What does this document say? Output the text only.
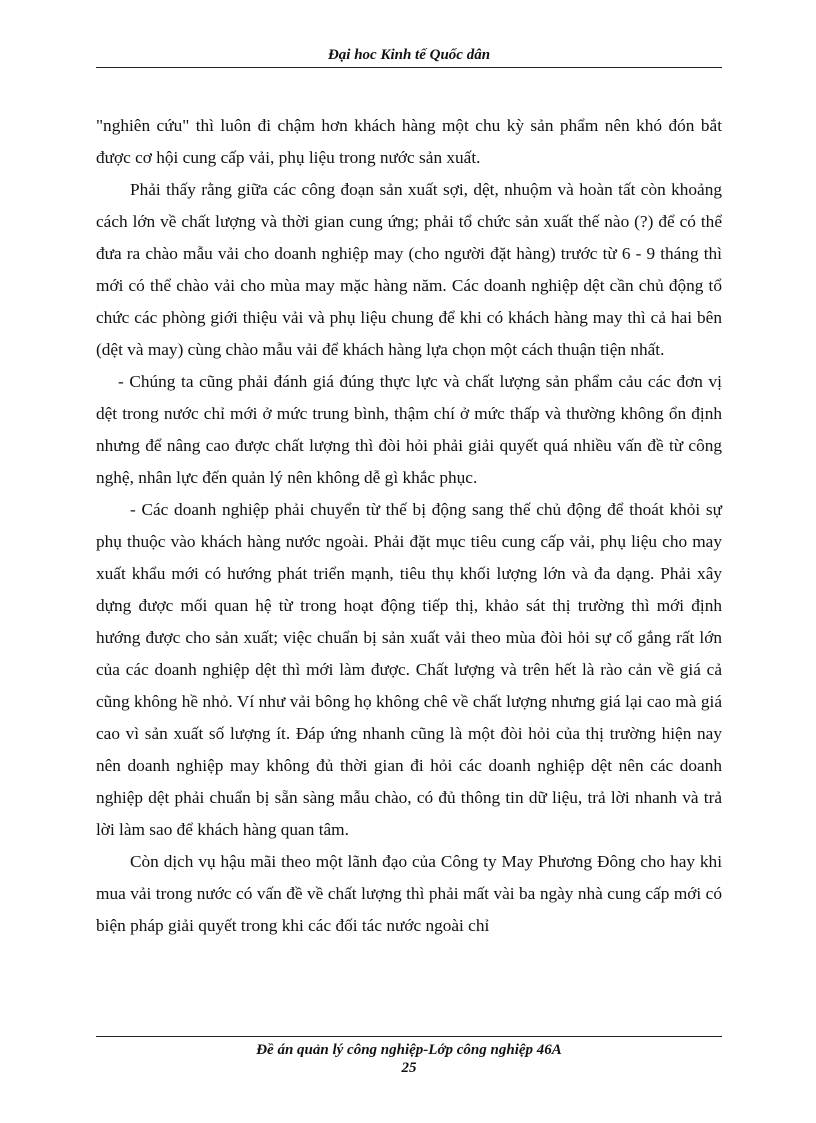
Đại hoc Kinh tế Quốc dân

"nghiên cứu" thì luôn đi chậm hơn khách hàng một chu kỳ sản phẩm nên khó đón bắt được cơ hội cung cấp vải, phụ liệu trong nước sản xuất.

Phải thấy rằng giữa các công đoạn sản xuất sợi, dệt, nhuộm và hoàn tất còn khoảng cách lớn về chất lượng và thời gian cung ứng; phải tổ chức sản xuất thế nào (?) để có thể đưa ra chào mẫu vải cho doanh nghiệp may (cho người đặt hàng) trước từ 6 - 9 tháng thì mới có thể chào vải cho mùa may mặc hàng năm. Các doanh nghiệp dệt cần chủ động tổ chức các phòng giới thiệu vải và phụ liệu chung để khi có khách hàng may thì cả hai bên (dệt và may) cùng chào mẫu vải để khách hàng lựa chọn một cách thuận tiện nhất.

- Chúng ta cũng phải đánh giá đúng thực lực và chất lượng sản phẩm cảu các đơn vị dệt trong nước chỉ mới ở mức trung bình, thậm chí ở mức thấp và thường không ổn định nhưng để nâng cao được chất lượng thì đòi hỏi phải giải quyết quá nhiều vấn đề từ công nghệ, nhân lực đến quản lý nên không dễ gì khắc phục.

- Các doanh nghiệp phải chuyển từ thế bị động sang thế chủ động để thoát khỏi sự phụ thuộc vào khách hàng nước ngoài. Phải đặt mục tiêu cung cấp vải, phụ liệu cho may xuất khẩu mới có hướng phát triển mạnh, tiêu thụ khối lượng lớn và đa dạng. Phải xây dựng được mối quan hệ từ trong hoạt động tiếp thị, khảo sát thị trường thì mới định hướng được cho sản xuất; việc chuẩn bị sản xuất vải theo mùa đòi hỏi sự cố gắng rất lớn của các doanh nghiệp dệt thì mới làm được. Chất lượng và trên hết là rào cản về giá cả cũng không hề nhỏ. Ví như vải bông họ không chê về chất lượng nhưng giá lại cao mà giá cao vì sản xuất số lượng ít. Đáp ứng nhanh cũng là một đòi hỏi của thị trường hiện nay nên doanh nghiệp may không đủ thời gian đi hỏi các doanh nghiệp dệt nên các doanh nghiệp dệt phải chuẩn bị sẵn sàng mẫu chào, có đủ thông tin dữ liệu, trả lời nhanh và trả lời làm sao để khách hàng quan tâm.

Còn dịch vụ hậu mãi theo một lãnh đạo của Công ty May Phương Đông cho hay khi mua vải trong nước có vấn đề về chất lượng thì phải mất vài ba ngày nhà cung cấp mới có biện pháp giải quyết trong khi các đối tác nước ngoài chỉ

Đề án quản lý công nghiệp-Lớp công nghiệp 46A
25
